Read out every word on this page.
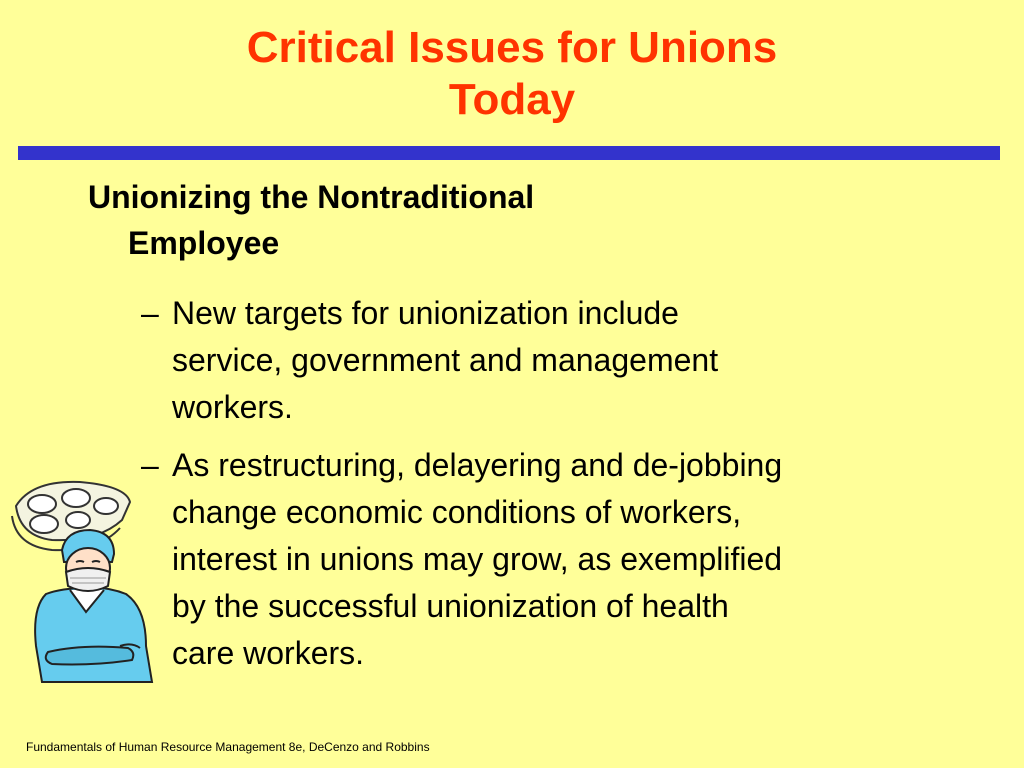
Critical Issues for Unions
Today
Unionizing the Nontraditional
Employee
– New targets for unionization include
service, government and management
workers.
– As restructuring, delayering and de-jobbing
change economic conditions of workers,
interest in unions may grow, as exemplified
by the successful unionization of health
care workers.
Fundamentals of Human Resource Management 8e, DeCenzo and Robbins
